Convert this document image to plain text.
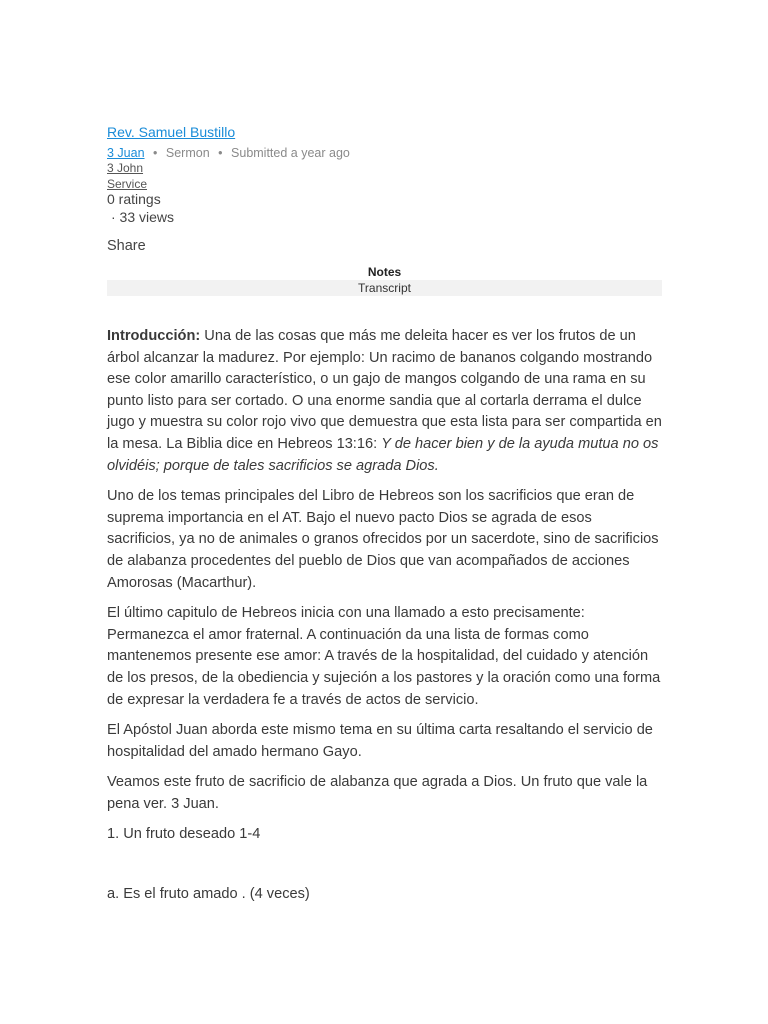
Rev. Samuel Bustillo
3 Juan • Sermon • Submitted a year ago
3 John
Service
0 ratings
· 33 views
Share
Notes
Transcript

Introducción: Una de las cosas que más me deleita hacer es ver los frutos de un árbol alcanzar la madurez. Por ejemplo: Un racimo de bananos colgando mostrando ese color amarillo característico, o un gajo de mangos colgando de una rama en su punto listo para ser cortado. O una enorme sandia que al cortarla derrama el dulce jugo y muestra su color rojo vivo que demuestra que esta lista para ser compartida en la mesa. La Biblia dice en Hebreos 13:16: Y de hacer bien y de la ayuda mutua no os olvidéis; porque de tales sacrificios se agrada Dios.

Uno de los temas principales del Libro de Hebreos son los sacrificios que eran de suprema importancia en el AT. Bajo el nuevo pacto Dios se agrada de esos sacrificios, ya no de animales o granos ofrecidos por un sacerdote, sino de sacrificios de alabanza procedentes del pueblo de Dios que van acompañados de acciones Amorosas (Macarthur).

El último capitulo de Hebreos inicia con una llamado a esto precisamente: Permanezca el amor fraternal. A continuación da una lista de formas como mantenemos presente ese amor: A través de la hospitalidad, del cuidado y atención de los presos, de la obediencia y sujeción a los pastores y la oración como una forma de expresar la verdadera fe a través de actos de servicio.

El Apóstol Juan aborda este mismo tema en su última carta resaltando el servicio de hospitalidad del amado hermano Gayo.

Veamos este fruto de sacrificio de alabanza que agrada a Dios. Un fruto que vale la pena ver. 3 Juan.

1. Un fruto deseado 1-4

a. Es el fruto amado . (4 veces)
